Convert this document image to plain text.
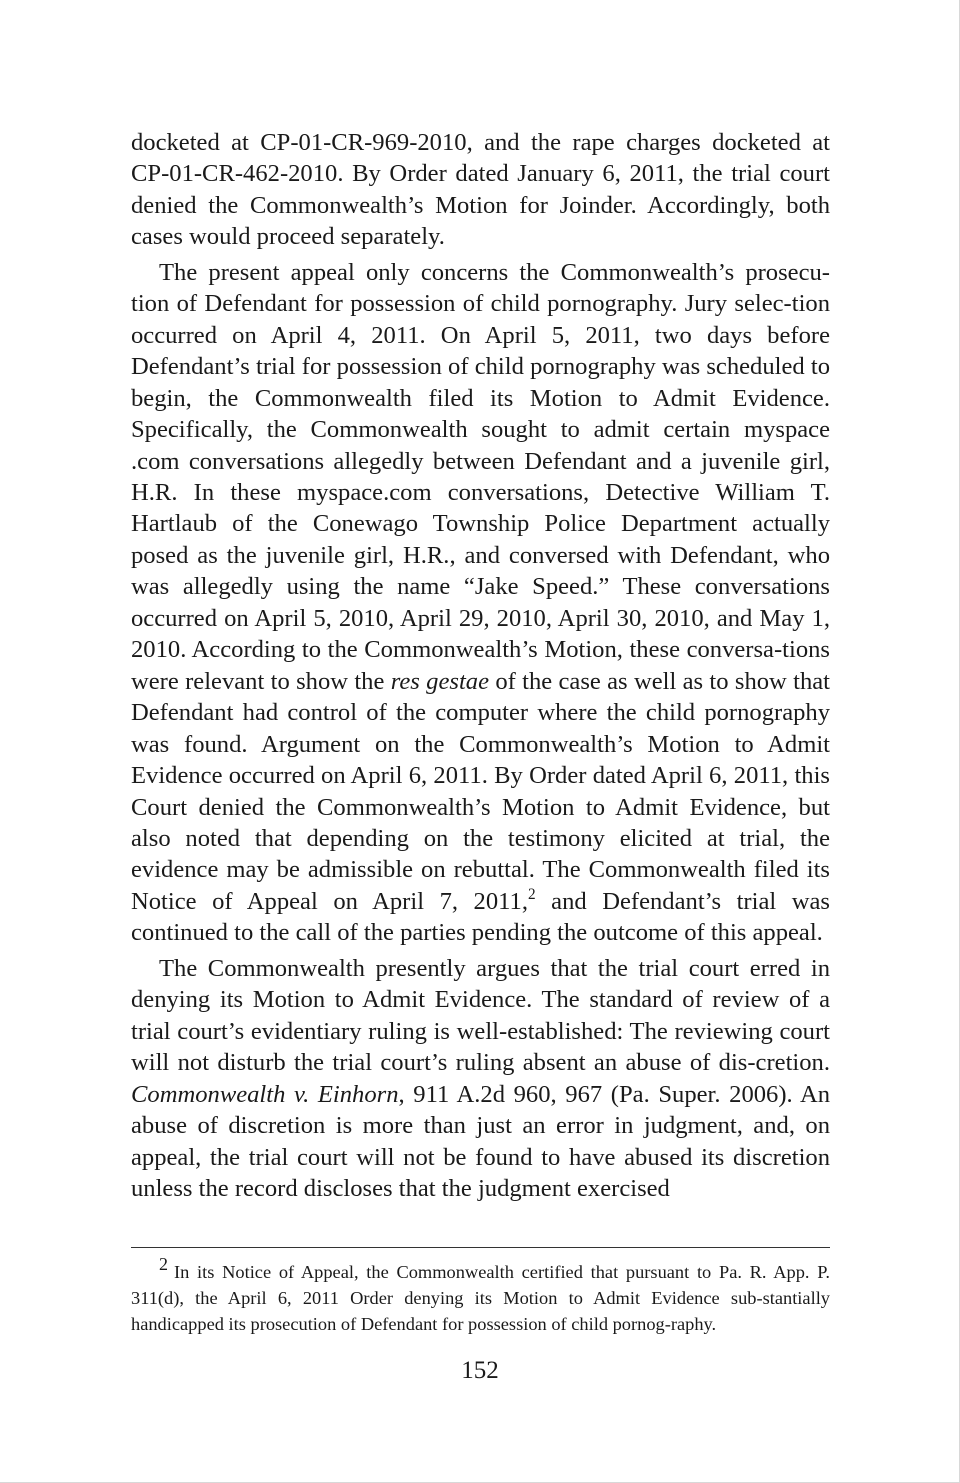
docketed at CP-01-CR-969-2010, and the rape charges docketed at CP-01-CR-462-2010. By Order dated January 6, 2011, the trial court denied the Commonwealth’s Motion for Joinder. Accordingly, both cases would proceed separately.

The present appeal only concerns the Commonwealth’s prosecu-tion of Defendant for possession of child pornography. Jury selec-tion occurred on April 4, 2011. On April 5, 2011, two days before Defendant’s trial for possession of child pornography was scheduled to begin, the Commonwealth filed its Motion to Admit Evidence. Specifically, the Commonwealth sought to admit certain myspace .com conversations allegedly between Defendant and a juvenile girl, H.R. In these myspace.com conversations, Detective William T. Hartlaub of the Conewago Township Police Department actually posed as the juvenile girl, H.R., and conversed with Defendant, who was allegedly using the name “Jake Speed.” These conversations occurred on April 5, 2010, April 29, 2010, April 30, 2010, and May 1, 2010. According to the Commonwealth’s Motion, these conversa-tions were relevant to show the res gestae of the case as well as to show that Defendant had control of the computer where the child pornography was found. Argument on the Commonwealth’s Motion to Admit Evidence occurred on April 6, 2011. By Order dated April 6, 2011, this Court denied the Commonwealth’s Motion to Admit Evidence, but also noted that depending on the testimony elicited at trial, the evidence may be admissible on rebuttal. The Commonwealth filed its Notice of Appeal on April 7, 2011,$^2$ and Defendant’s trial was continued to the call of the parties pending the outcome of this appeal.

The Commonwealth presently argues that the trial court erred in denying its Motion to Admit Evidence. The standard of review of a trial court’s evidentiary ruling is well-established: The reviewing court will not disturb the trial court’s ruling absent an abuse of dis-cretion. Commonwealth v. Einhorn, 911 A.2d 960, 967 (Pa. Super. 2006). An abuse of discretion is more than just an error in judgment, and, on appeal, the trial court will not be found to have abused its discretion unless the record discloses that the judgment exercised

2 In its Notice of Appeal, the Commonwealth certified that pursuant to Pa. R. App. P. 311(d), the April 6, 2011 Order denying its Motion to Admit Evidence sub-stantially handicapped its prosecution of Defendant for possession of child pornog-raphy.
152
